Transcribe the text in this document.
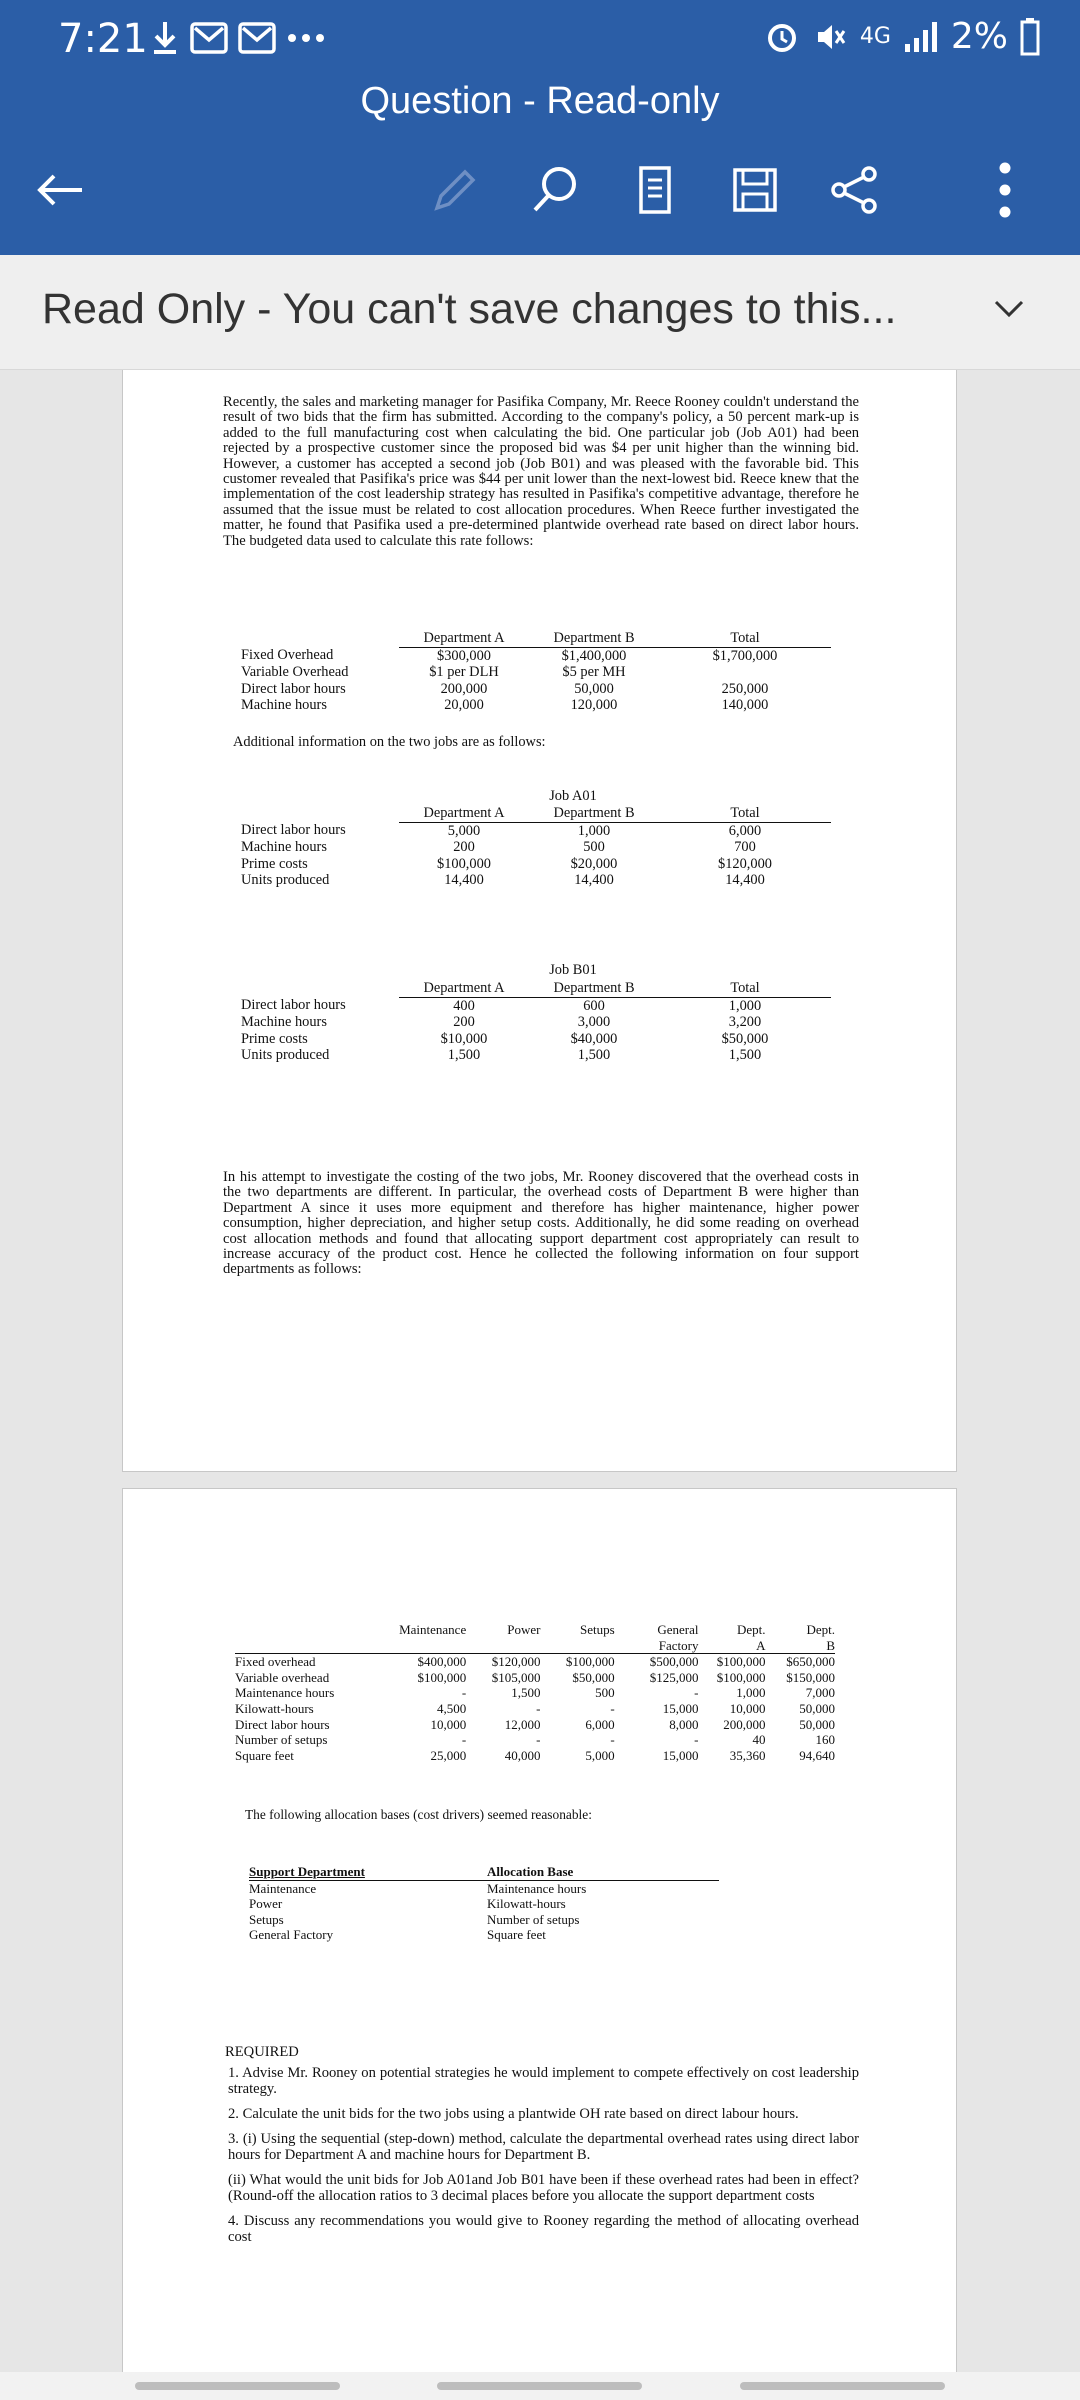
7:21	4G 2%
Question - Read-only
Read Only - You can't save changes to this...
Recently, the sales and marketing manager for Pasifika Company, Mr. Reece Rooney couldn't understand the result of two bids that the firm has submitted. According to the company's policy, a 50 percent mark-up is added to the full manufacturing cost when calculating the bid. One particular job (Job A01) had been rejected by a prospective customer since the proposed bid was $4 per unit higher than the winning bid. However, a customer has accepted a second job (Job B01) and was pleased with the favorable bid. This customer revealed that Pasifika's price was $44 per unit lower than the next-lowest bid. Reece knew that the implementation of the cost leadership strategy has resulted in Pasifika's competitive advantage, therefore he assumed that the issue must be related to cost allocation procedures. When Reece further investigated the matter, he found that Pasifika used a pre-determined plantwide overhead rate based on direct labor hours. The budgeted data used to calculate this rate follows:
	Department A	Department B	Total
Fixed Overhead	$300,000	$1,400,000	$1,700,000
Variable Overhead	$1 per DLH	$5 per MH	
Direct labor hours	200,000	50,000	250,000
Machine hours	20,000	120,000	140,000
Additional information on the two jobs are as follows:
Job A01
	Department A	Department B	Total
Direct labor hours	5,000	1,000	6,000
Machine hours	200	500	700
Prime costs	$100,000	$20,000	$120,000
Units produced	14,400	14,400	14,400
Job B01
	Department A	Department B	Total
Direct labor hours	400	600	1,000
Machine hours	200	3,000	3,200
Prime costs	$10,000	$40,000	$50,000
Units produced	1,500	1,500	1,500
In his attempt to investigate the costing of the two jobs, Mr. Rooney discovered that the overhead costs in the two departments are different. In particular, the overhead costs of Department B were higher than Department A since it uses more equipment and therefore has higher maintenance, higher power consumption, higher depreciation, and higher setup costs. Additionally, he did some reading on overhead cost allocation methods and found that allocating support department cost appropriately can result to increase accuracy of the product cost. Hence he collected the following information on four support departments as follows:
	Maintenance	Power	Setups	General	Dept.	Dept.
				Factory	A	B
Fixed overhead	$400,000	$120,000	$100,000	$500,000	$100,000	$650,000
Variable overhead	$100,000	$105,000	$50,000	$125,000	$100,000	$150,000
Maintenance hours	-	1,500	500	-	1,000	7,000
Kilowatt-hours	4,500	-	-	15,000	10,000	50,000
Direct labor hours	10,000	12,000	6,000	8,000	200,000	50,000
Number of setups	-	-	-	-	40	160
Square feet	25,000	40,000	5,000	15,000	35,360	94,640
The following allocation bases (cost drivers) seemed reasonable:
Support Department	Allocation Base
Maintenance	Maintenance hours
Power	Kilowatt-hours
Setups	Number of setups
General Factory	Square feet

REQUIRED

1. Advise Mr. Rooney on potential strategies he would implement to compete effectively on cost leadership strategy.

2. Calculate the unit bids for the two jobs using a plantwide OH rate based on direct labour hours.

3. (i) Using the sequential (step-down) method, calculate the departmental overhead rates using direct labor hours for Department A and machine hours for Department B.

(ii) What would the unit bids for Job A01and Job B01 have been if these overhead rates had been in effect? (Round-off the allocation ratios to 3 decimal places before you allocate the support department costs

4. Discuss any recommendations you would give to Rooney regarding the method of allocating overhead cost
